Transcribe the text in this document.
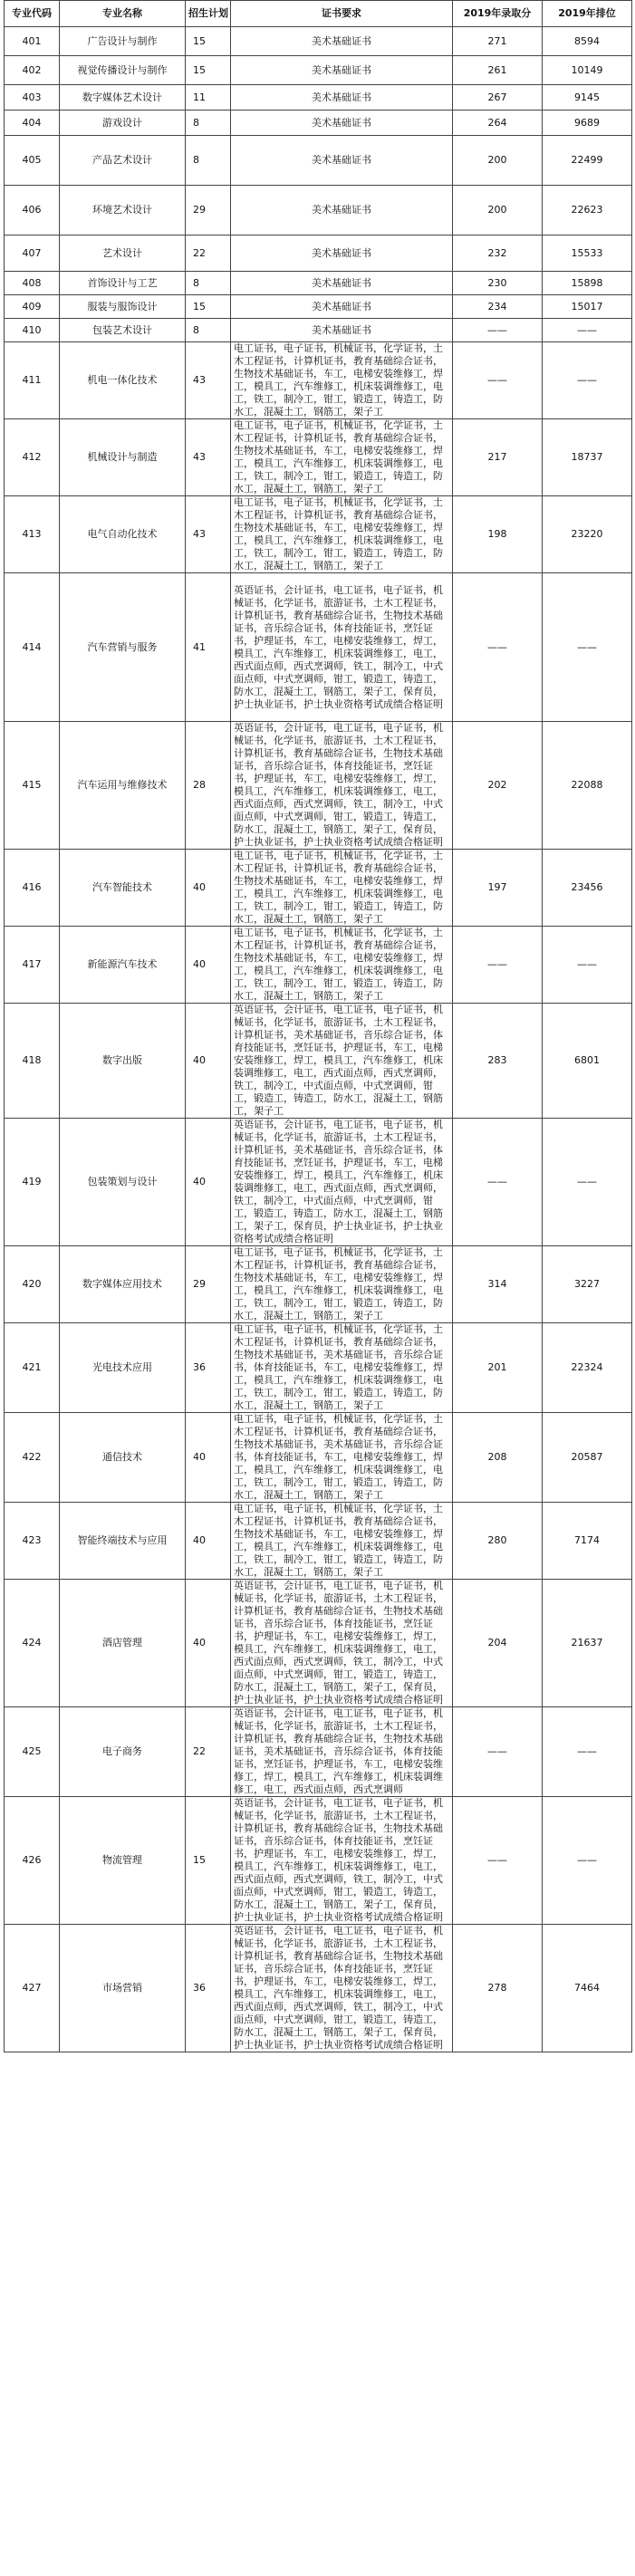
专业代码	专业名称	招生计划	证书要求	2019年录取分	2019年排位
401	广告设计与制作	15	美术基础证书	271	8594
402	视觉传播设计与制作	15	美术基础证书	261	10149
403	数字媒体艺术设计	11	美术基础证书	267	9145
404	游戏设计	8	美术基础证书	264	9689
405	产品艺术设计	8	美术基础证书	200	22499
406	环境艺术设计	29	美术基础证书	200	22623
407	艺术设计	22	美术基础证书	232	15533
408	首饰设计与工艺	8	美术基础证书	230	15898
409	服装与服饰设计	15	美术基础证书	234	15017
410	包装艺术设计	8	美术基础证书	——	——
411	机电一体化技术	43	电工证书，电子证书，机械证书，化学证书，土木工程证书，计算机证书，教育基础综合证书，生物技术基础证书，车工，电梯安装维修工，焊工，模具工，汽车维修工，机床装调维修工，电工，铁工，制冷工，钳工，锻造工，铸造工，防水工，混凝土工，钢筋工，架子工	——	——
412	机械设计与制造	43	电工证书，电子证书，机械证书，化学证书，土木工程证书，计算机证书，教育基础综合证书，生物技术基础证书，车工，电梯安装维修工，焊工，模具工，汽车维修工，机床装调维修工，电工，铁工，制冷工，钳工，锻造工，铸造工，防水工，混凝土工，钢筋工，架子工	217	18737
413	电气自动化技术	43	电工证书，电子证书，机械证书，化学证书，土木工程证书，计算机证书，教育基础综合证书，生物技术基础证书，车工，电梯安装维修工，焊工，模具工，汽车维修工，机床装调维修工，电工，铁工，制冷工，钳工，锻造工，铸造工，防水工，混凝土工，钢筋工，架子工	198	23220
414	汽车营销与服务	41	英语证书，会计证书，电工证书，电子证书，机械证书，化学证书，旅游证书，土木工程证书，计算机证书，教育基础综合证书，生物技术基础证书，音乐综合证书，体育技能证书，烹饪证书，护理证书，车工，电梯安装维修工，焊工，模具工，汽车维修工，机床装调维修工，电工，西式面点师，西式烹调师，铁工，制冷工，中式面点师，中式烹调师，钳工，锻造工，铸造工，防水工，混凝土工，钢筋工，架子工，保育员，护士执业证书，护士执业资格考试成绩合格证明	——	——
415	汽车运用与维修技术	28	英语证书，会计证书，电工证书，电子证书，机械证书，化学证书，旅游证书，土木工程证书，计算机证书，教育基础综合证书，生物技术基础证书，音乐综合证书，体育技能证书，烹饪证书，护理证书，车工，电梯安装维修工，焊工，模具工，汽车维修工，机床装调维修工，电工，西式面点师，西式烹调师，铁工，制冷工，中式面点师，中式烹调师，钳工，锻造工，铸造工，防水工，混凝土工，钢筋工，架子工，保育员，护士执业证书，护士执业资格考试成绩合格证明	202	22088
416	汽车智能技术	40	电工证书，电子证书，机械证书，化学证书，土木工程证书，计算机证书，教育基础综合证书，生物技术基础证书，车工，电梯安装维修工，焊工，模具工，汽车维修工，机床装调维修工，电工，铁工，制冷工，钳工，锻造工，铸造工，防水工，混凝土工，钢筋工，架子工	197	23456
417	新能源汽车技术	40	电工证书，电子证书，机械证书，化学证书，土木工程证书，计算机证书，教育基础综合证书，生物技术基础证书，车工，电梯安装维修工，焊工，模具工，汽车维修工，机床装调维修工，电工，铁工，制冷工，钳工，锻造工，铸造工，防水工，混凝土工，钢筋工，架子工	——	——
418	数字出版	40	英语证书，会计证书，电工证书，电子证书，机械证书，化学证书，旅游证书，土木工程证书，计算机证书，美术基础证书，音乐综合证书，体育技能证书，烹饪证书，护理证书，车工，电梯安装维修工，焊工，模具工，汽车维修工，机床装调维修工，电工，西式面点师，西式烹调师，铁工，制冷工，中式面点师，中式烹调师，钳工，锻造工，铸造工，防水工，混凝土工，钢筋工，架子工	283	6801
419	包装策划与设计	40	英语证书，会计证书，电工证书，电子证书，机械证书，化学证书，旅游证书，土木工程证书，计算机证书，美术基础证书，音乐综合证书，体育技能证书，烹饪证书，护理证书，车工，电梯安装维修工，焊工，模具工，汽车维修工，机床装调维修工，电工，西式面点师，西式烹调师，铁工，制冷工，中式面点师，中式烹调师，钳工，锻造工，铸造工，防水工，混凝土工，钢筋工，架子工，保育员，护士执业证书，护士执业资格考试成绩合格证明	——	——
420	数字媒体应用技术	29	电工证书，电子证书，机械证书，化学证书，土木工程证书，计算机证书，教育基础综合证书，生物技术基础证书，车工，电梯安装维修工，焊工，模具工，汽车维修工，机床装调维修工，电工，铁工，制冷工，钳工，锻造工，铸造工，防水工，混凝土工，钢筋工，架子工	314	3227
421	光电技术应用	36	电工证书，电子证书，机械证书，化学证书，土木工程证书，计算机证书，教育基础综合证书，生物技术基础证书，美术基础证书，音乐综合证书，体育技能证书，车工，电梯安装维修工，焊工，模具工，汽车维修工，机床装调维修工，电工，铁工，制冷工，钳工，锻造工，铸造工，防水工，混凝土工，钢筋工，架子工	201	22324
422	通信技术	40	电工证书，电子证书，机械证书，化学证书，土木工程证书，计算机证书，教育基础综合证书，生物技术基础证书，美术基础证书，音乐综合证书，体育技能证书，车工，电梯安装维修工，焊工，模具工，汽车维修工，机床装调维修工，电工，铁工，制冷工，钳工，锻造工，铸造工，防水工，混凝土工，钢筋工，架子工	208	20587
423	智能终端技术与应用	40	电工证书，电子证书，机械证书，化学证书，土木工程证书，计算机证书，教育基础综合证书，生物技术基础证书，车工，电梯安装维修工，焊工，模具工，汽车维修工，机床装调维修工，电工，铁工，制冷工，钳工，锻造工，铸造工，防水工，混凝土工，钢筋工，架子工	280	7174
424	酒店管理	40	英语证书，会计证书，电工证书，电子证书，机械证书，化学证书，旅游证书，土木工程证书，计算机证书，教育基础综合证书，生物技术基础证书，音乐综合证书，体育技能证书，烹饪证书，护理证书，车工，电梯安装维修工，焊工，模具工，汽车维修工，机床装调维修工，电工，西式面点师，西式烹调师，铁工，制冷工，中式面点师，中式烹调师，钳工，锻造工，铸造工，防水工，混凝土工，钢筋工，架子工，保育员，护士执业证书，护士执业资格考试成绩合格证明	204	21637
425	电子商务	22	英语证书，会计证书，电工证书，电子证书，机械证书，化学证书，旅游证书，土木工程证书，计算机证书，教育基础综合证书，生物技术基础证书，美术基础证书，音乐综合证书，体育技能证书，烹饪证书，护理证书，车工，电梯安装维修工，焊工，模具工，汽车维修工，机床装调维修工，电工，西式面点师，西式烹调师	——	——
426	物流管理	15	英语证书，会计证书，电工证书，电子证书，机械证书，化学证书，旅游证书，土木工程证书，计算机证书，教育基础综合证书，生物技术基础证书，音乐综合证书，体育技能证书，烹饪证书，护理证书，车工，电梯安装维修工，焊工，模具工，汽车维修工，机床装调维修工，电工，西式面点师，西式烹调师，铁工，制冷工，中式面点师，中式烹调师，钳工，锻造工，铸造工，防水工，混凝土工，钢筋工，架子工，保育员，护士执业证书，护士执业资格考试成绩合格证明	——	——
427	市场营销	36	英语证书，会计证书，电工证书，电子证书，机械证书，化学证书，旅游证书，土木工程证书，计算机证书，教育基础综合证书，生物技术基础证书，音乐综合证书，体育技能证书，烹饪证书，护理证书，车工，电梯安装维修工，焊工，模具工，汽车维修工，机床装调维修工，电工，西式面点师，西式烹调师，铁工，制冷工，中式面点师，中式烹调师，钳工，锻造工，铸造工，防水工，混凝土工，钢筋工，架子工，保育员，护士执业证书，护士执业资格考试成绩合格证明	278	7464
